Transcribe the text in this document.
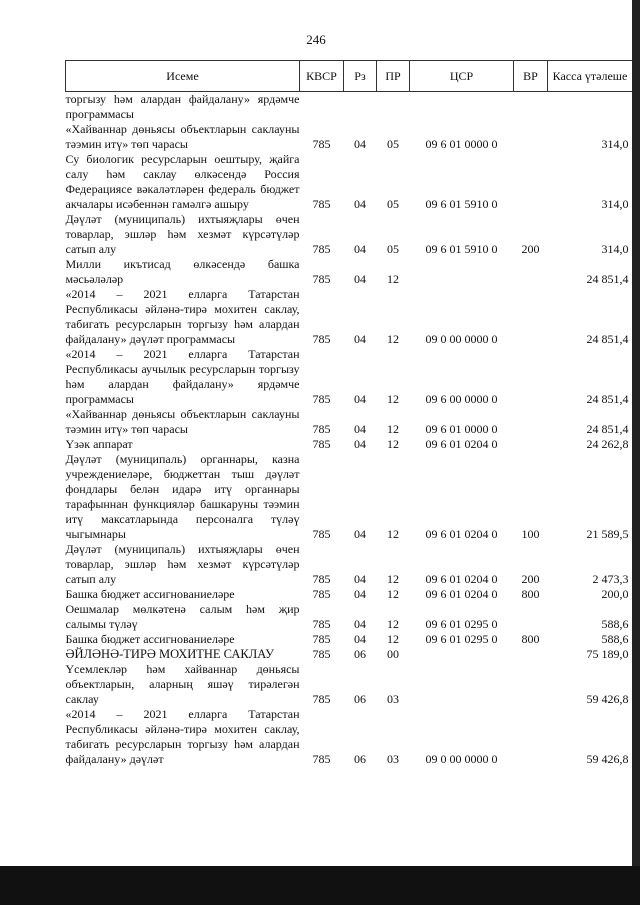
246
Исеме	КВСР	Рз	ПР	ЦСР	ВР	Касса үтәлеше
торгызу һәм алардан файдалану» ярдәмче программасы						
«Хайваннар дөньясы объектларын саклауны тәэмин итү» төп чарасы	785	04	05	09 6 01 0000 0		314,0
Су биологик ресурсларын оештыру, җайга салу һәм саклау өлкәсендә Россия Федерациясе вәкаләтләрен федераль бюджет акчалары исәбеннән гамәлгә ашыру	785	04	05	09 6 01 5910 0		314,0
Дәүләт (муниципаль) ихтыяҗлары өчен товарлар, эшләр һәм хезмәт күрсәтүләр сатып алу	785	04	05	09 6 01 5910 0	200	314,0
Милли икътисад өлкәсендә башка мәсьәләләр	785	04	12			24 851,4
«2014 – 2021 елларга Татарстан Республикасы әйләнә-тирә мохитен саклау, табигать ресурсларын торгызу һәм алардан файдалану» дәүләт программасы	785	04	12	09 0 00 0000 0		24 851,4
«2014 – 2021 елларга Татарстан Республикасы аучылык ресурсларын торгызу һәм алардан файдалану» ярдәмче программасы	785	04	12	09 6 00 0000 0		24 851,4
«Хайваннар дөньясы объектларын саклауны тәэмин итү» төп чарасы	785	04	12	09 6 01 0000 0		24 851,4
Үзәк аппарат	785	04	12	09 6 01 0204 0		24 262,8
Дәүләт (муниципаль) органнары, казна учреждениеләре, бюджеттан тыш дәүләт фондлары белән идарә итү органнары тарафыннан функцияләр башкаруны тәэмин итү максатларында персоналга түләү чыгымнары	785	04	12	09 6 01 0204 0	100	21 589,5
Дәүләт (муниципаль) ихтыяҗлары өчен товарлар, эшләр һәм хезмәт күрсәтүләр сатып алу	785	04	12	09 6 01 0204 0	200	2 473,3
Башка бюджет ассигнованиеләре	785	04	12	09 6 01 0204 0	800	200,0
Оешмалар мөлкәтенә салым һәм җир салымы түләү	785	04	12	09 6 01 0295 0		588,6
Башка бюджет ассигнованиеләре	785	04	12	09 6 01 0295 0	800	588,6
ӘЙЛӘНӘ-ТИРӘ МОХИТНЕ САКЛАУ	785	06	00			75 189,0
Үсемлекләр һәм хайваннар дөньясы объектларын, аларның яшәү тирәлегән саклау	785	06	03			59 426,8
«2014 – 2021 елларга Татарстан Республикасы әйләнә-тирә мохитен саклау, табигать ресурсларын торгызу һәм алардан файдалану» дәүләт	785	06	03	09 0 00 0000 0		59 426,8
